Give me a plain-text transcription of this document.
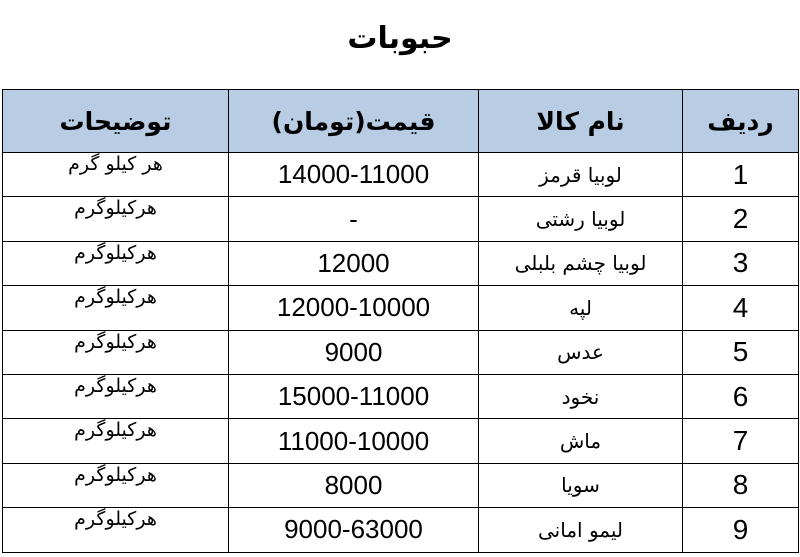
حبوبات
ردیف	نام کالا	قیمت(تومان)	توضیحات
1	لوبیا قرمز	14000-11000	هر کیلو گرم
2	لوبیا رشتی	-	هرکیلوگرم
3	لوبیا چشم بلبلی	12000	هرکیلوگرم
4	لپه	12000-10000	هرکیلوگرم
5	عدس	9000	هرکیلوگرم
6	نخود	15000-11000	هرکیلوگرم
7	ماش	11000-10000	هرکیلوگرم
8	سویا	8000	هرکیلوگرم
9	لیمو امانی	9000-63000	هرکیلوگرم
